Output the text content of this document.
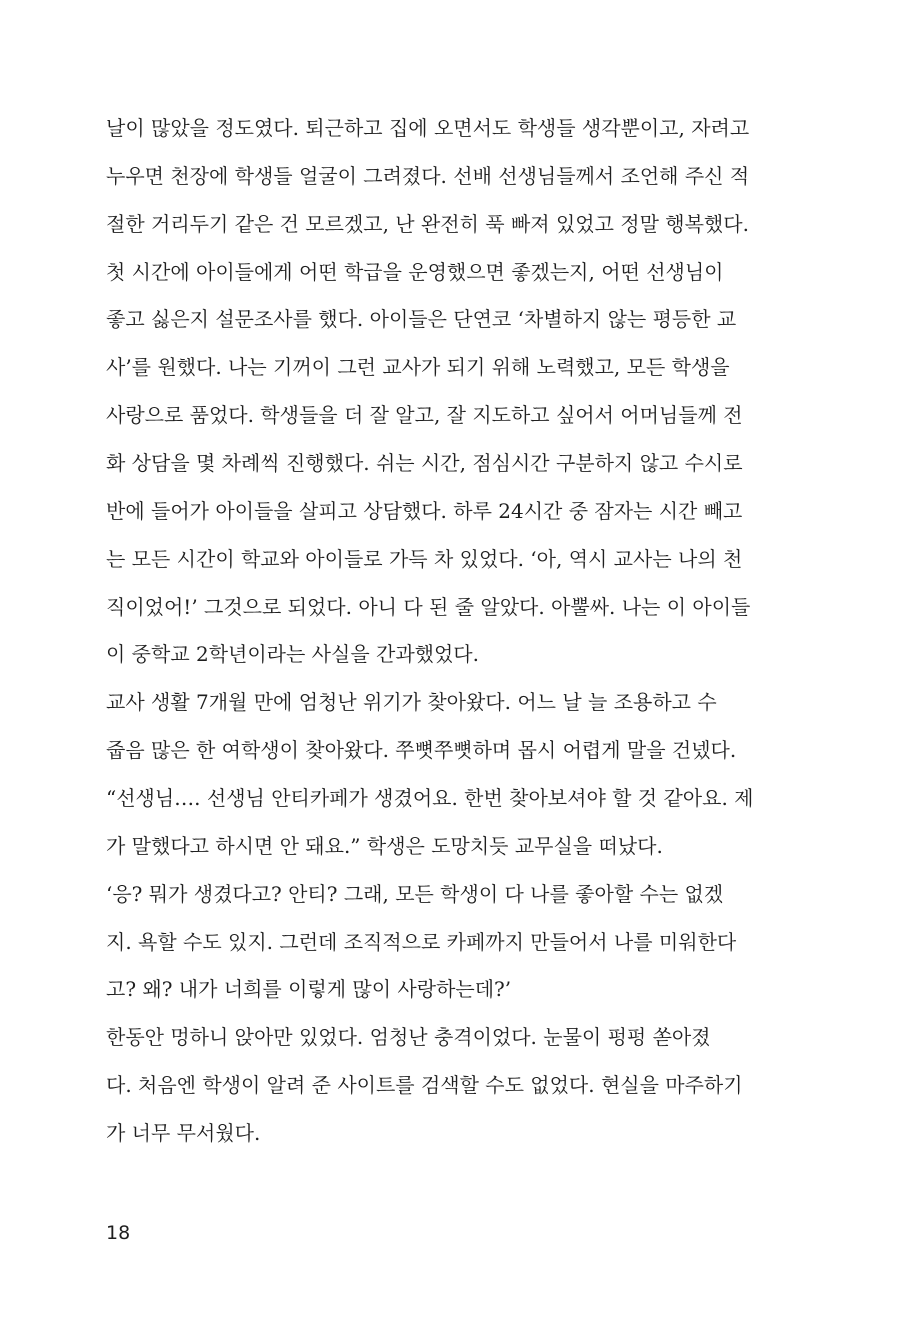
날이 많았을 정도였다. 퇴근하고 집에 오면서도 학생들 생각뿐이고, 자려고
누우면 천장에 학생들 얼굴이 그려졌다. 선배 선생님들께서 조언해 주신 적
절한 거리두기 같은 건 모르겠고, 난 완전히 푹 빠져 있었고 정말 행복했다.
첫 시간에 아이들에게 어떤 학급을 운영했으면 좋겠는지, 어떤 선생님이
좋고 싫은지 설문조사를 했다. 아이들은 단연코 ‘차별하지 않는 평등한 교
사’를 원했다. 나는 기꺼이 그런 교사가 되기 위해 노력했고, 모든 학생을
사랑으로 품었다. 학생들을 더 잘 알고, 잘 지도하고 싶어서 어머님들께 전
화 상담을 몇 차례씩 진행했다. 쉬는 시간, 점심시간 구분하지 않고 수시로
반에 들어가 아이들을 살피고 상담했다. 하루 24시간 중 잠자는 시간 빼고
는 모든 시간이 학교와 아이들로 가득 차 있었다. ‘아, 역시 교사는 나의 천
직이었어!’ 그것으로 되었다. 아니 다 된 줄 알았다. 아뿔싸. 나는 이 아이들
이 중학교 2학년이라는 사실을 간과했었다.
교사 생활 7개월 만에 엄청난 위기가 찾아왔다. 어느 날 늘 조용하고 수
줍음 많은 한 여학생이 찾아왔다. 쭈뼛쭈뼛하며 몹시 어렵게 말을 건넸다.
“선생님…. 선생님 안티카페가 생겼어요. 한번 찾아보셔야 할 것 같아요. 제
가 말했다고 하시면 안 돼요.” 학생은 도망치듯 교무실을 떠났다.
‘응? 뭐가 생겼다고? 안티? 그래, 모든 학생이 다 나를 좋아할 수는 없겠
지. 욕할 수도 있지. 그런데 조직적으로 카페까지 만들어서 나를 미워한다
고? 왜? 내가 너희를 이렇게 많이 사랑하는데?’
한동안 멍하니 앉아만 있었다. 엄청난 충격이었다. 눈물이 펑펑 쏟아졌
다. 처음엔 학생이 알려 준 사이트를 검색할 수도 없었다. 현실을 마주하기
가 너무 무서웠다.
18
